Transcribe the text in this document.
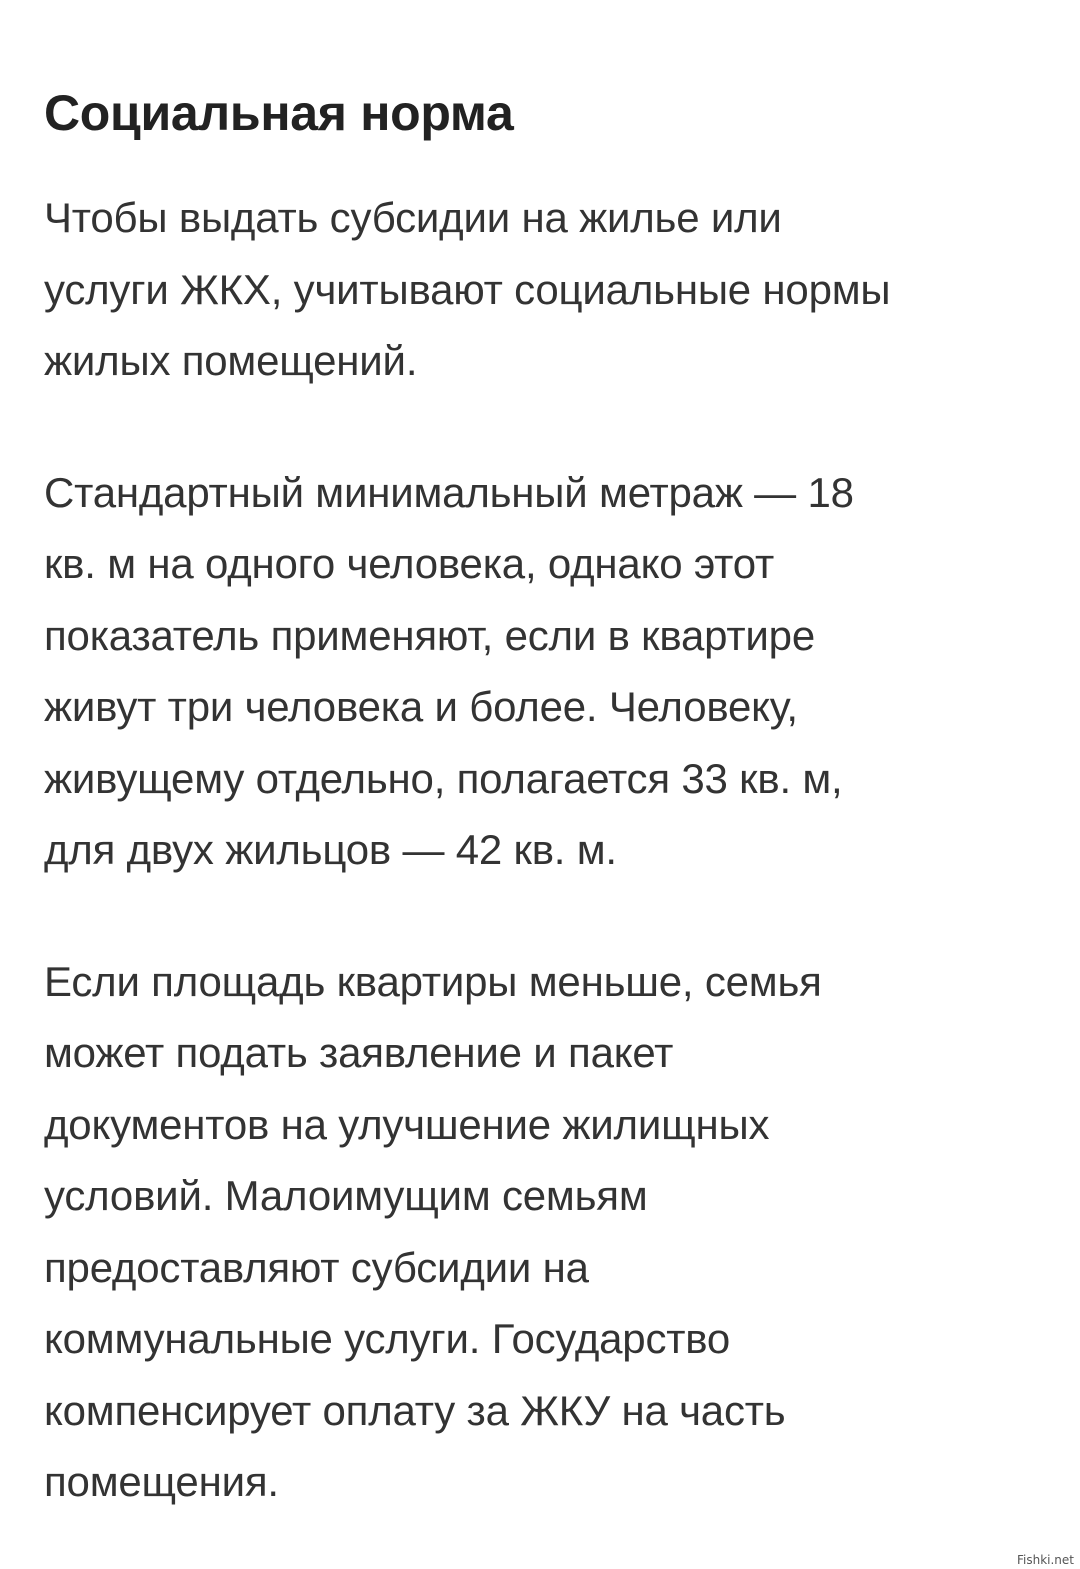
Социальная норма

Чтобы выдать субсидии на жилье или
услуги ЖКХ, учитывают социальные нормы
жилых помещений.

Стандартный минимальный метраж — 18
кв. м на одного человека, однако этот
показатель применяют, если в квартире
живут три человека и более. Человеку,
живущему отдельно, полагается 33 кв. м,
для двух жильцов — 42 кв. м.

Если площадь квартиры меньше, семья
может подать заявление и пакет
документов на улучшение жилищных
условий. Малоимущим семьям
предоставляют субсидии на
коммунальные услуги. Государство
компенсирует оплату за ЖКУ на часть
помещения.

Fishki.net
